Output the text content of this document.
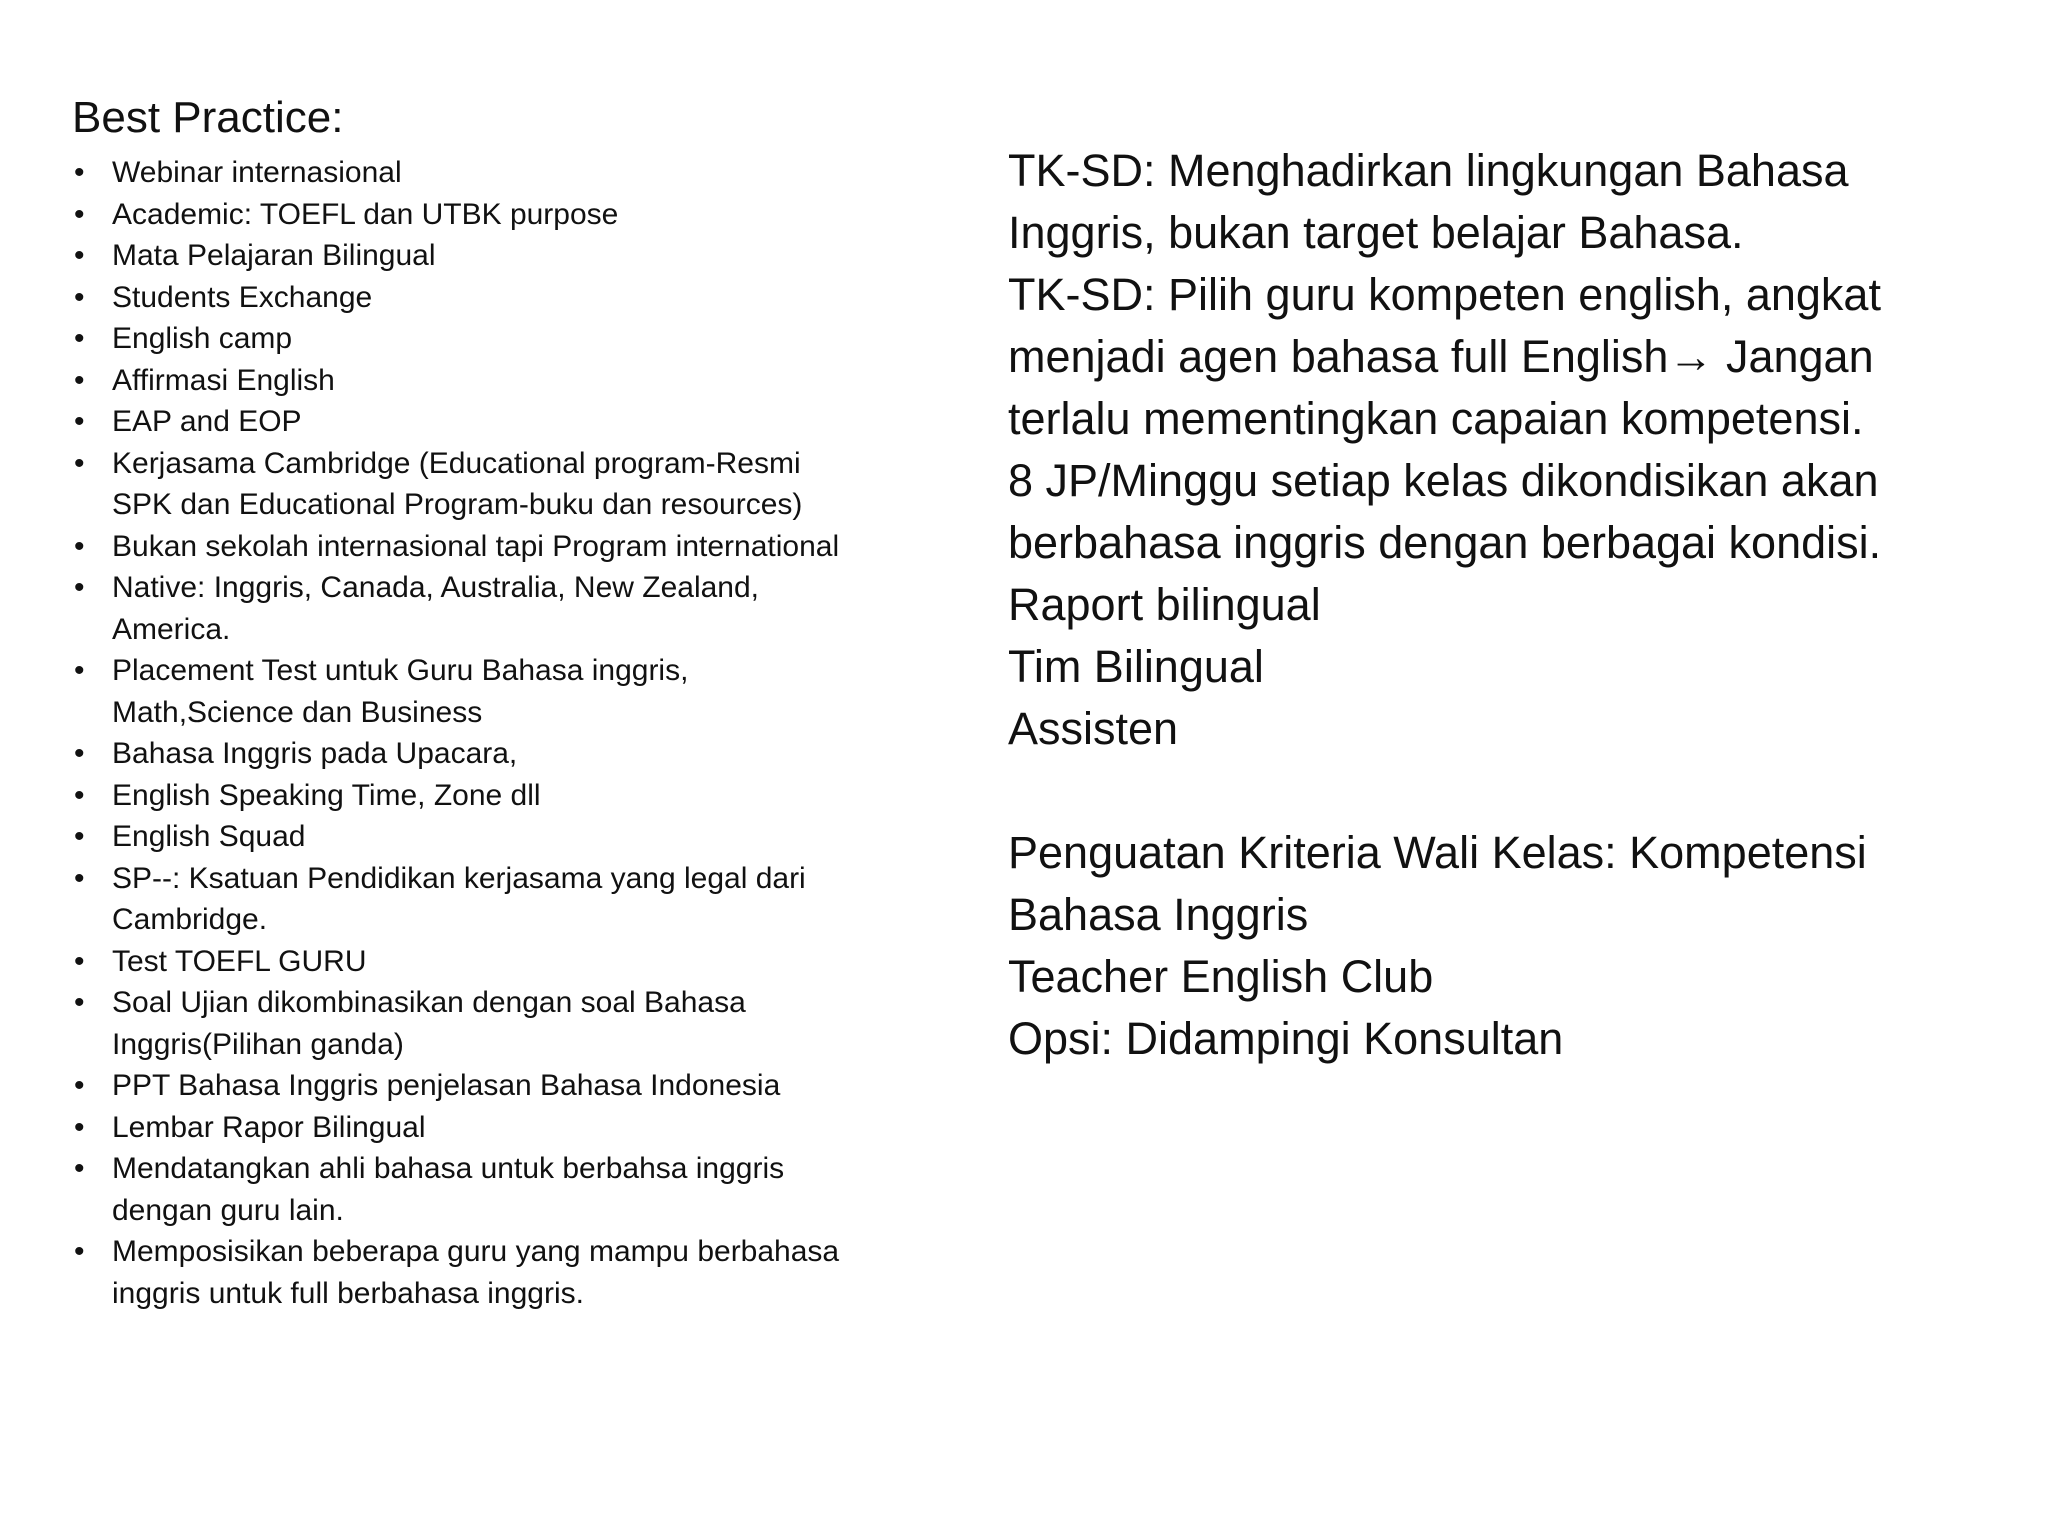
Best Practice:
• Webinar internasional
• Academic: TOEFL dan UTBK purpose
• Mata Pelajaran Bilingual
• Students Exchange
• English camp
• Affirmasi English
• EAP and EOP
• Kerjasama Cambridge (Educational program-Resmi SPK dan Educational Program-buku dan resources)
• Bukan sekolah internasional tapi Program international
• Native: Inggris, Canada, Australia, New Zealand, America.
• Placement Test untuk Guru Bahasa inggris, Math,Science dan Business
• Bahasa Inggris pada Upacara,
• English Speaking Time, Zone dll
• English Squad
• SP--: Ksatuan Pendidikan kerjasama yang legal dari Cambridge.
• Test TOEFL GURU
• Soal Ujian dikombinasikan dengan soal Bahasa Inggris(Pilihan ganda)
• PPT Bahasa Inggris penjelasan Bahasa Indonesia
• Lembar Rapor Bilingual
• Mendatangkan ahli bahasa untuk berbahsa inggris dengan guru lain.
• Memposisikan beberapa guru yang mampu berbahasa inggris untuk full berbahasa inggris.
TK-SD: Menghadirkan lingkungan Bahasa
Inggris, bukan target belajar Bahasa.
TK-SD: Pilih guru kompeten english, angkat
menjadi agen bahasa full English→ Jangan
terlalu mementingkan capaian kompetensi.
8 JP/Minggu setiap kelas dikondisikan akan
berbahasa inggris dengan berbagai kondisi.
Raport bilingual
Tim Bilingual
Assisten
Penguatan Kriteria Wali Kelas: Kompetensi
Bahasa Inggris
Teacher English Club
Opsi: Didampingi Konsultan
